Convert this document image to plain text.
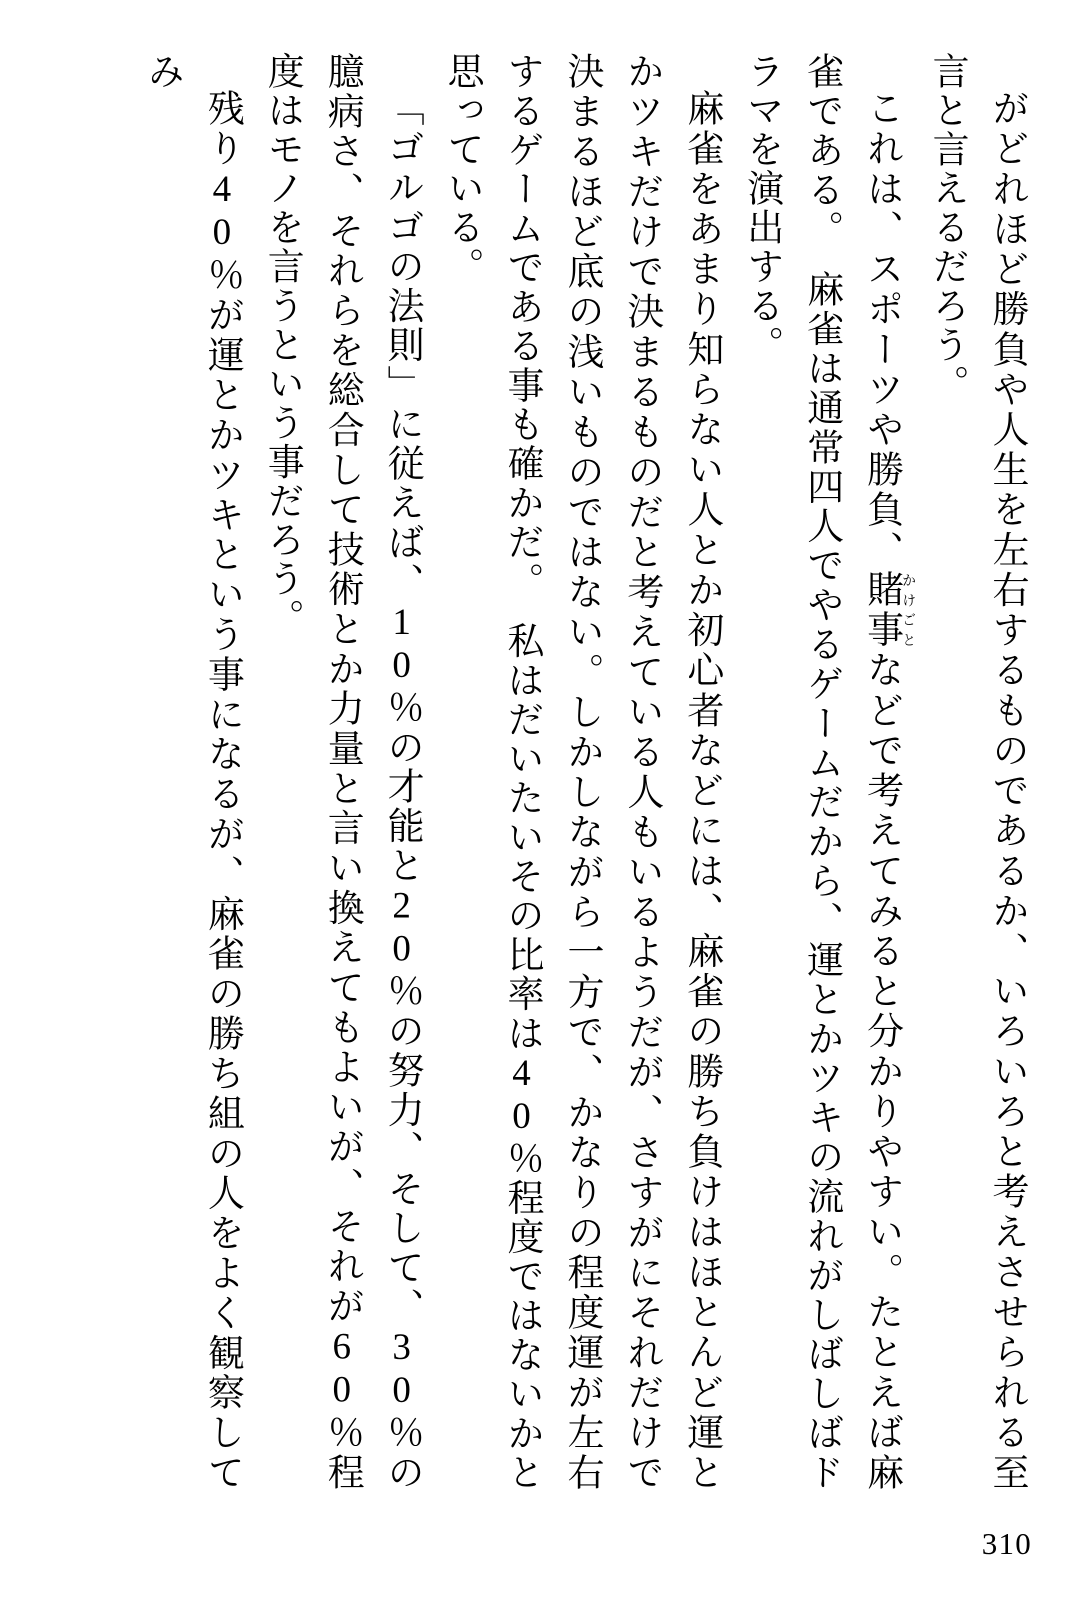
がどれほど勝負や人生を左右するものであるか、いろいろと考えさせられる至言と言えるだろう。

これは、スポーツや勝負、賭事かけごとなどで考えてみると分かりやすい。たとえば麻雀である。　麻雀は通常四人でやるゲームだから、運とかツキの流れがしばしばドラマを演出する。

麻雀をあまり知らない人とか初心者などには、麻雀の勝ち負けはほとんど運とかツキだけで決まるものだと考えている人もいるようだが、さすがにそれだけで決まるほど底の浅いものではない。しかしながら一方で、かなりの程度運が左右するゲームである事も確かだ。　私はだいたいその比率は40％程度ではないかと思っている。

「ゴルゴの法則」に従えば、10％の才能と20％の努力、そして、30％の臆病さ、それらを総合して技術とか力量と言い換えてもよいが、それが60％程度はモノを言うという事だろう。

残り40％が運とかツキという事になるが、麻雀の勝ち組の人をよく観察してみ

310
